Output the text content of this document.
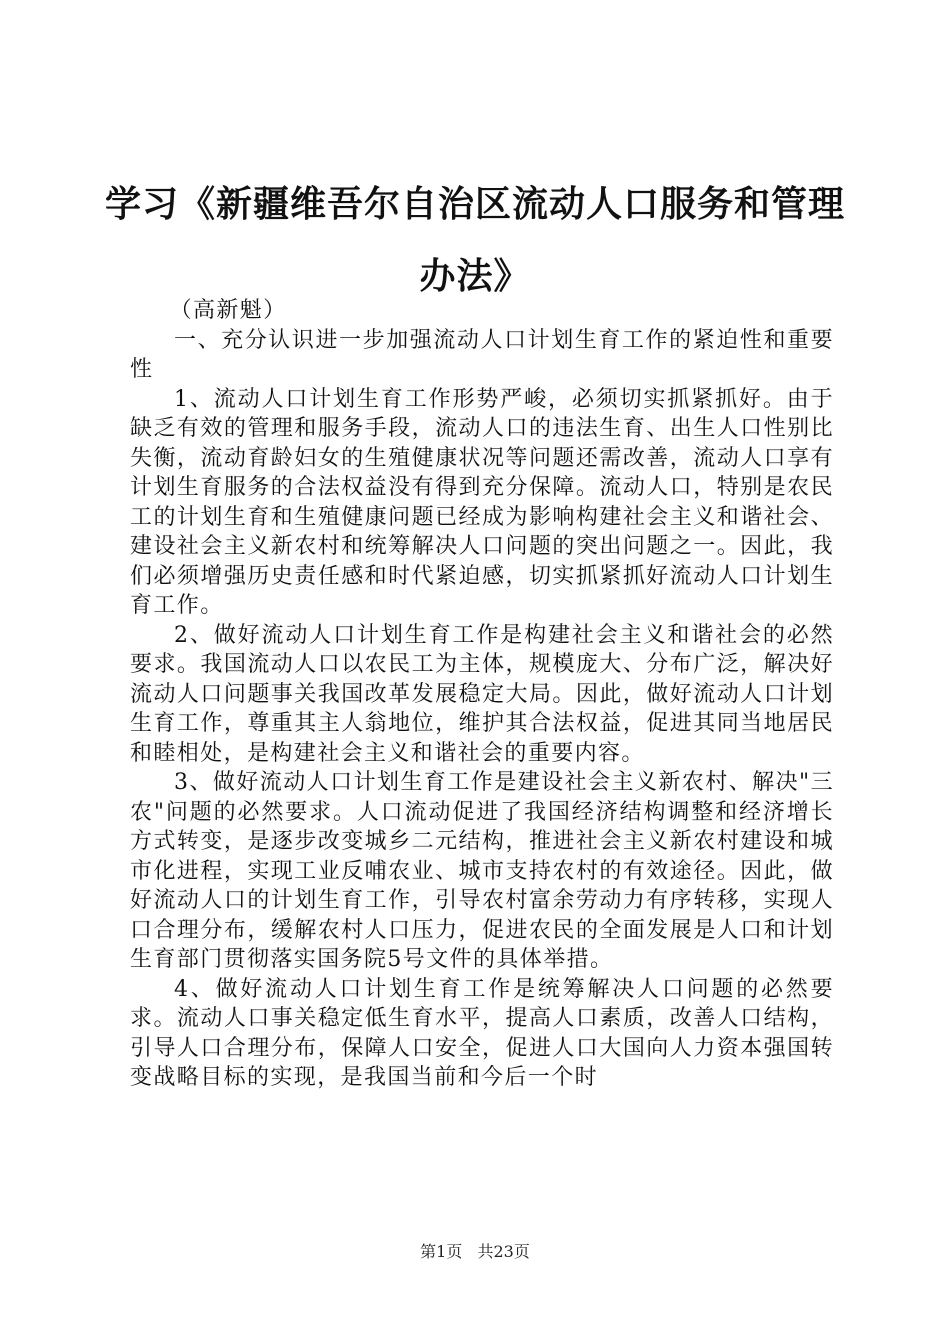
学习《新疆维吾尔自治区流动人口服务和管理办法》

（高新魁）

一、充分认识进一步加强流动人口计划生育工作的紧迫性和重要性

1、流动人口计划生育工作形势严峻，必须切实抓紧抓好。由于缺乏有效的管理和服务手段，流动人口的违法生育、出生人口性别比失衡，流动育龄妇女的生殖健康状况等问题还需改善，流动人口享有计划生育服务的合法权益没有得到充分保障。流动人口，特别是农民工的计划生育和生殖健康问题已经成为影响构建社会主义和谐社会、建设社会主义新农村和统筹解决人口问题的突出问题之一。因此，我们必须增强历史责任感和时代紧迫感，切实抓紧抓好流动人口计划生育工作。

2、做好流动人口计划生育工作是构建社会主义和谐社会的必然要求。我国流动人口以农民工为主体，规模庞大、分布广泛，解决好流动人口问题事关我国改革发展稳定大局。因此，做好流动人口计划生育工作，尊重其主人翁地位，维护其合法权益，促进其同当地居民和睦相处，是构建社会主义和谐社会的重要内容。

3、做好流动人口计划生育工作是建设社会主义新农村、解决"三农"问题的必然要求。人口流动促进了我国经济结构调整和经济增长方式转变，是逐步改变城乡二元结构，推进社会主义新农村建设和城市化进程，实现工业反哺农业、城市支持农村的有效途径。因此，做好流动人口的计划生育工作，引导农村富余劳动力有序转移，实现人口合理分布，缓解农村人口压力，促进农民的全面发展是人口和计划生育部门贯彻落实国务院5号文件的具体举措。

4、做好流动人口计划生育工作是统筹解决人口问题的必然要求。流动人口事关稳定低生育水平，提高人口素质，改善人口结构，引导人口合理分布，保障人口安全，促进人口大国向人力资本强国转变战略目标的实现，是我国当前和今后一个时

第1页 共23页
